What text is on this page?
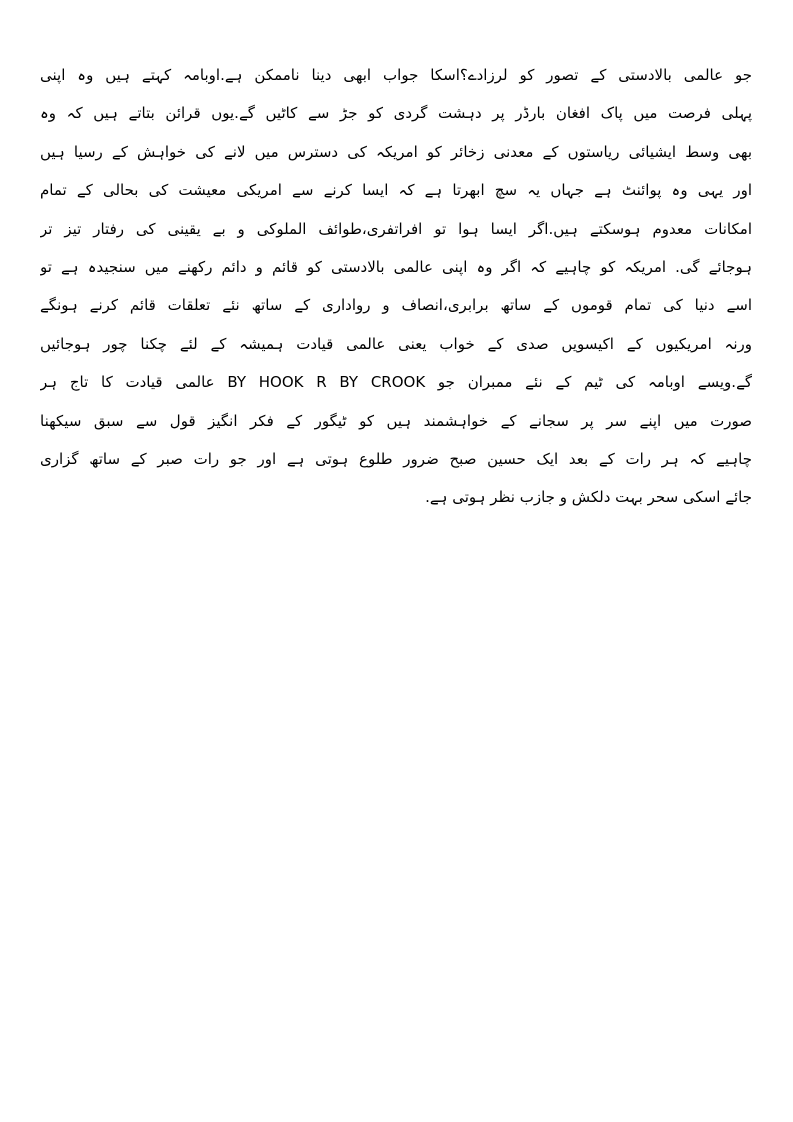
جو عالمی بالادستی کے تصور کو لرزادے؟اسکا جواب ابھی دینا ناممکن ہے.اوبامہ کہتے ہیں وہ اپنی
پہلی فرصت میں پاک افغان بارڈر پر دہشت گردی کو جڑ سے کاٹیں گے.یوں قرائن بتاتے ہیں کہ وہ
بھی وسط ایشیائی ریاستوں کے معدنی زخائر کو امریکہ کی دسترس میں لانے کی خواہش کے رسیا ہیں
اور یہی وہ پوائنٹ ہے جہاں یہ سچ ابھرتا ہے کہ ایسا کرنے سے امریکی معیشت کی بحالی کے تمام
امکانات معدوم ہوسکتے ہیں.اگر ایسا ہوا تو افراتفری،طوائف الملوکی و بے یقینی کی رفتار تیز تر
ہوجائے گی. امریکہ کو چاہیے کہ اگر وہ اپنی عالمی بالادستی کو قائم و دائم رکھنے میں سنجیدہ ہے تو
اسے دنیا کی تمام قوموں کے ساتھ برابری،انصاف و رواداری کے ساتھ نئے تعلقات قائم کرنے ہونگے
ورنہ امریکیوں کے اکیسویں صدی کے خواب یعنی عالمی قیادت ہمیشہ کے لئے چکنا چور ہوجائیں
گے.ویسے اوبامہ کی ٹیم کے نئے ممبران جو BY HOOK R BY CROOK عالمی قیادت کا تاج ہر
صورت میں اپنے سر پر سجانے کے خواہشمند ہیں کو ٹیگور کے فکر انگیز قول سے سبق سیکھنا
چاہیے کہ ہر رات کے بعد ایک حسین صبح ضرور طلوع ہوتی ہے اور جو رات صبر کے ساتھ گزاری
جائے اسکی سحر بہت دلکش و جازب نظر ہوتی ہے.
